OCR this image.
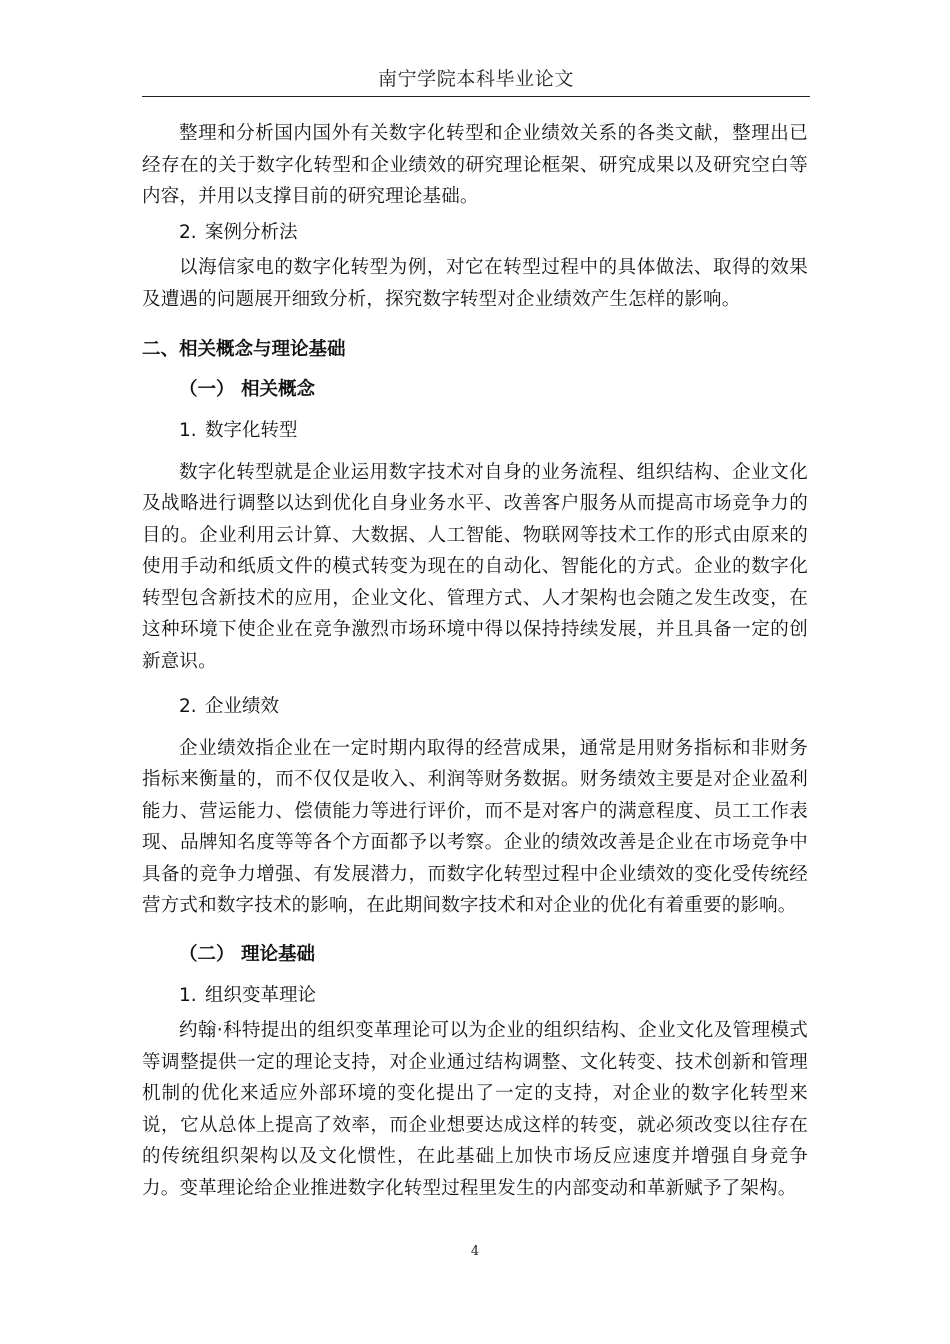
南宁学院本科毕业论文

整理和分析国内国外有关数字化转型和企业绩效关系的各类文献，整理出已经存在的关于数字化转型和企业绩效的研究理论框架、研究成果以及研究空白等内容，并用以支撑目前的研究理论基础。

2. 案例分析法

以海信家电的数字化转型为例，对它在转型过程中的具体做法、取得的效果及遭遇的问题展开细致分析，探究数字转型对企业绩效产生怎样的影响。

二、相关概念与理论基础
（一） 相关概念
1. 数字化转型

数字化转型就是企业运用数字技术对自身的业务流程、组织结构、企业文化及战略进行调整以达到优化自身业务水平、改善客户服务从而提高市场竞争力的目的。企业利用云计算、大数据、人工智能、物联网等技术工作的形式由原来的使用手动和纸质文件的模式转变为现在的自动化、智能化的方式。企业的数字化转型包含新技术的应用，企业文化、管理方式、人才架构也会随之发生改变，在这种环境下使企业在竞争激烈市场环境中得以保持持续发展，并且具备一定的创新意识。

2. 企业绩效

企业绩效指企业在一定时期内取得的经营成果，通常是用财务指标和非财务指标来衡量的，而不仅仅是收入、利润等财务数据。财务绩效主要是对企业盈利能力、营运能力、偿债能力等进行评价，而不是对客户的满意程度、员工工作表现、品牌知名度等等各个方面都予以考察。企业的绩效改善是企业在市场竞争中具备的竞争力增强、有发展潜力，而数字化转型过程中企业绩效的变化受传统经营方式和数字技术的影响，在此期间数字技术和对企业的优化有着重要的影响。

（二） 理论基础
1. 组织变革理论

约翰·科特提出的组织变革理论可以为企业的组织结构、企业文化及管理模式等调整提供一定的理论支持，对企业通过结构调整、文化转变、技术创新和管理机制的优化来适应外部环境的变化提出了一定的支持，对企业的数字化转型来说，它从总体上提高了效率，而企业想要达成这样的转变，就必须改变以往存在的传统组织架构以及文化惯性，在此基础上加快市场反应速度并增强自身竞争力。变革理论给企业推进数字化转型过程里发生的内部变动和革新赋予了架构。

4
